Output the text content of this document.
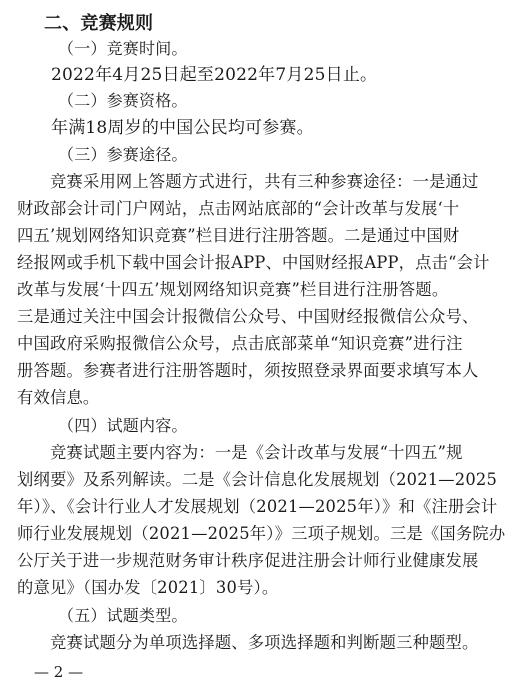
二、竞赛规则
（一）竞赛时间。
2022年4月25日起至2022年7月25日止。
（二）参赛资格。
年满18周岁的中国公民均可参赛。
（三）参赛途径。
竞赛采用网上答题方式进行，共有三种参赛途径：一是通过
财政部会计司门户网站，点击网站底部的“会计改革与发展‘十
四五’规划网络知识竞赛”栏目进行注册答题。二是通过中国财
经报网或手机下载中国会计报APP、中国财经报APP，点击“会计
改革与发展‘十四五’规划网络知识竞赛”栏目进行注册答题。
三是通过关注中国会计报微信公众号、中国财经报微信公众号、
中国政府采购报微信公众号，点击底部菜单“知识竞赛”进行注
册答题。参赛者进行注册答题时，须按照登录界面要求填写本人
有效信息。
（四）试题内容。
竞赛试题主要内容为：一是《会计改革与发展“十四五”规
划纲要》及系列解读。二是《会计信息化发展规划（2021—2025
年）》、《会计行业人才发展规划（2021—2025年）》和《注册会计
师行业发展规划（2021—2025年）》三项子规划。三是《国务院办
公厅关于进一步规范财务审计秩序促进注册会计师行业健康发展
的意见》（国办发〔2021〕30号）。
（五）试题类型。
竞赛试题分为单项选择题、多项选择题和判断题三种题型。
— 2 —
